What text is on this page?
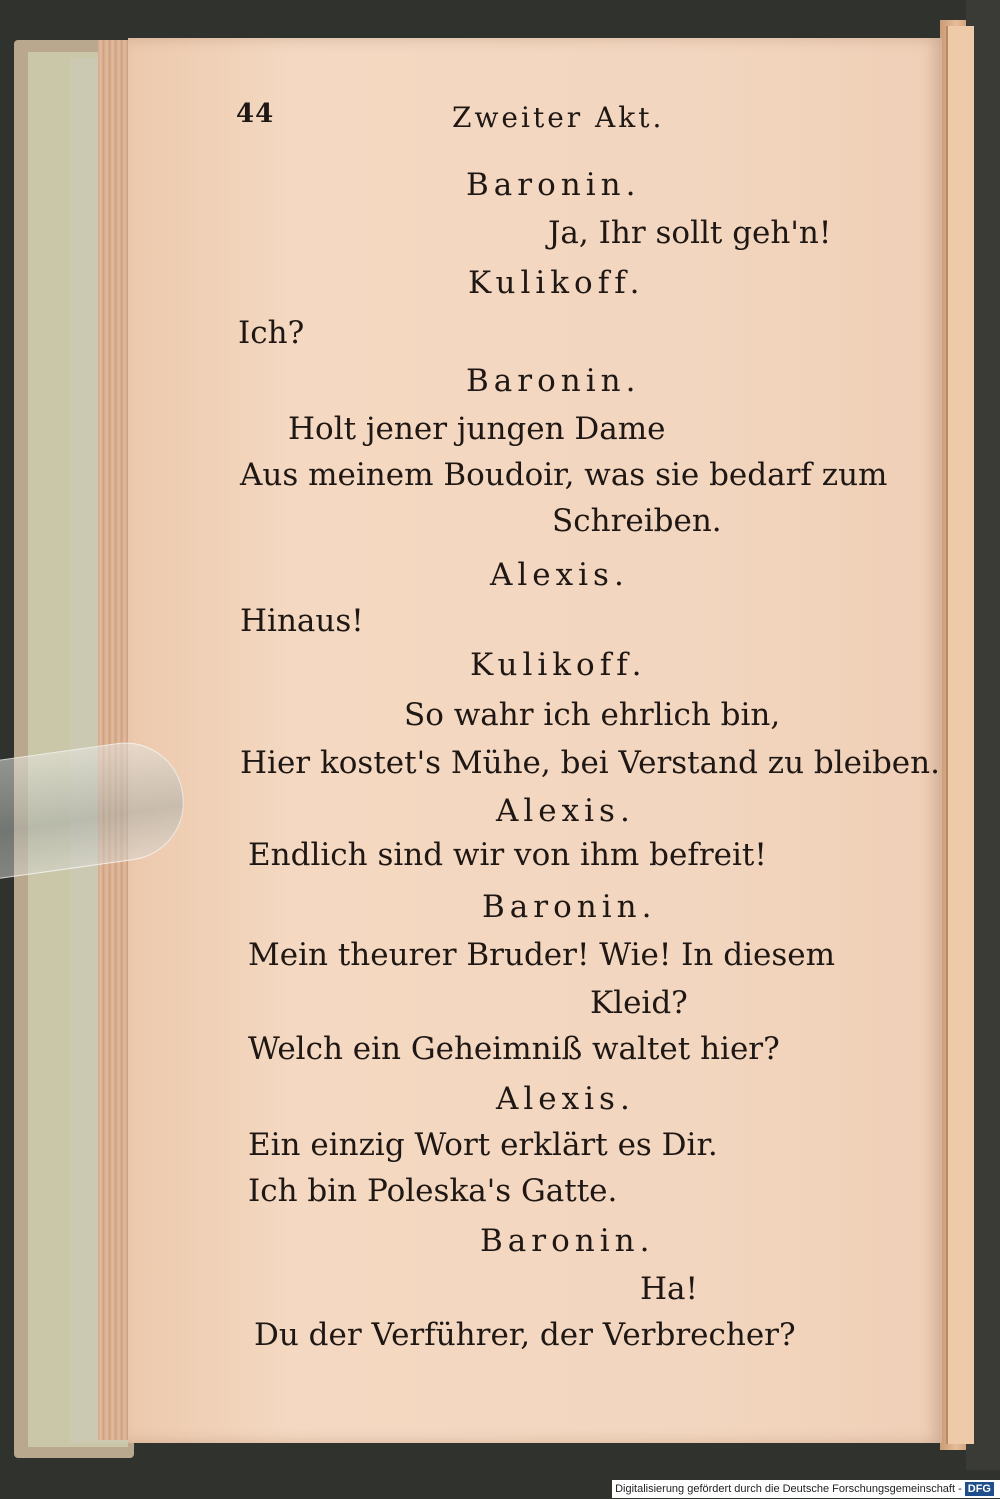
44	Zweiter Akt.
Baronin.
Ja, Ihr sollt geh'n!
Kulikoff.
Ich?
Baronin.
Holt jener jungen Dame
Aus meinem Boudoir, was sie bedarf zum
Schreiben.
Alexis.
Hinaus!
Kulikoff.
So wahr ich ehrlich bin,
Hier kostet's Mühe, bei Verstand zu bleiben.
Alexis.
Endlich sind wir von ihm befreit!
Baronin.
Mein theurer Bruder! Wie! In diesem
Kleid?
Welch ein Geheimniß waltet hier?
Alexis.
Ein einzig Wort erklärt es Dir.
Ich bin Poleska's Gatte.
Baronin.
Ha!
Du der Verführer, der Verbrecher?
Digitalisierung gefördert durch die Deutsche Forschungsgemeinschaft - DFG
